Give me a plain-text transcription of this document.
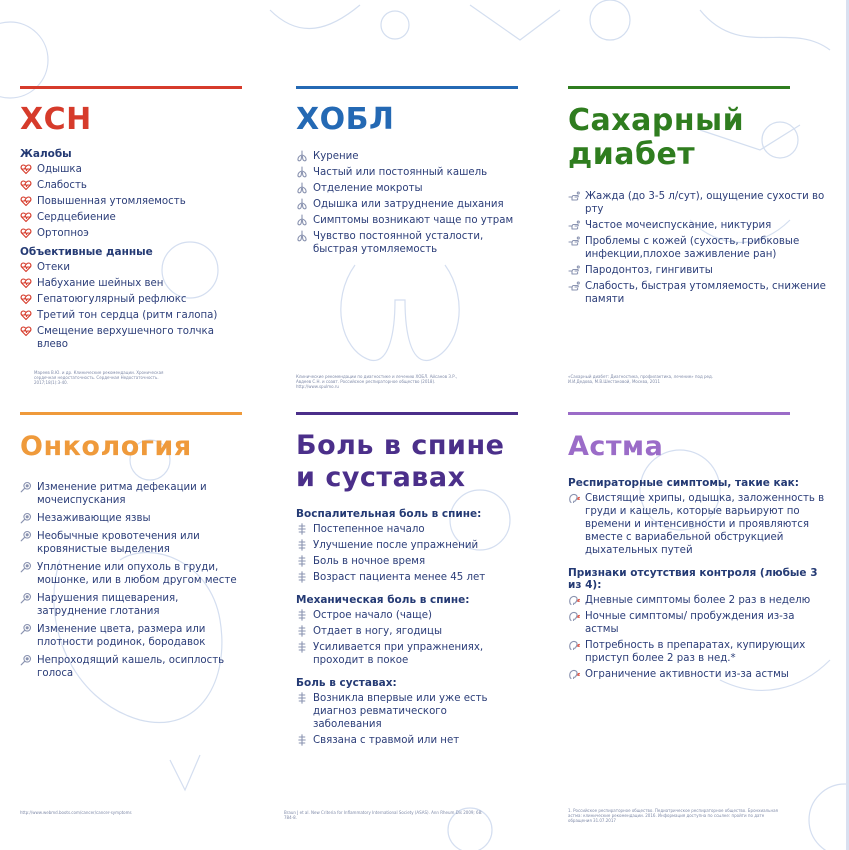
ХСН

Жалобы

Одышка
Слабость
Повышенная утомляемость
Сердцебиение
Ортопноэ

Объективные данные

Отеки
Набухание шейных вен
Гепатоюгулярный рефлюкс
Третий тон сердца (ритм галопа)
Смещение верхушечного толчка влево
ХОБЛ
Курение
Частый или постоянный кашель
Отделение мокроты
Одышка или затруднение дыхания
Симптомы возникают чаще по утрам
Чувство постоянной усталости, быстрая утомляемость
Сахарный
диабет
Жажда (до 3-5 л/сут), ощущение сухости во рту
Частое мочеиспускание, никтурия
Проблемы с кожей (сухость, грибковые инфекции,плохое заживление ран)
Пародонтоз, гингивиты
Слабость, быстрая утомляемость, снижение памяти
Онкология
Изменение ритма дефекации и мочеиспускания
Незаживающие язвы
Необычные кровотечения или кровянистые выделения
Уплотнение или опухоль в груди, мошонке, или в любом другом месте
Нарушения пищеварения, затруднение глотания
Изменение цвета, размера или плотности родинок, бородавок
Непроходящий кашель, осиплость голоса
Боль в спине
и суставах

Воспалительная боль в спине:

Постепенное начало
Улучшение после упражнений
Боль в ночное время
Возраст пациента менее 45 лет

Механическая боль в спине:

Острое начало (чаще)
Отдает в ногу, ягодицы
Усиливается при упражнениях, проходит в покое

Боль в суставах:

Возникла впервые или уже есть диагноз ревматического заболевания
Связана с травмой или нет
Астма

Респираторные симптомы, такие как:

Свистящие хрипы, одышка, заложенность в груди и кашель, которые варьируют по времени и интенсивности и проявляются вместе с вариабельной обструкцией дыхательных путей

Признаки отсутствия контроля (любые 3 из 4):

Дневные симптомы более 2 раз в неделю
Ночные симптомы/ пробуждения из-за астмы
Потребность в препаратах, купирующих приступ более 2 раз в нед.*
Ограничение активности из-за астмы
Мареев В.Ю. и др. Клинические рекомендации. Хроническая сердечная недостаточность. Сердечная Недостаточность. 2017;18(1):3-40.
Клинические рекомендации по диагностике и лечению ХОБЛ. Айсанов З.Р., Авдеев С.Н. и соавт. Российское респираторное общество (2018). http://www.spulmo.ru
«Сахарный диабет: Диагностика, профилактика, лечение» под ред. И.И.Дедова, М.В.Шестаковой, Москва, 2011
http://www.webmd.boots.com/cancer/cancer-symptoms	Braun J et al. New Criteria for Inflammatory International Society (ASAS). Ann Rheum Dis 2009; 68: 784-8.
1. Российское респираторное общество. Педиатрическое респираторное общество. Бронхиальная астма: клинические рекомендации. 2016. Информация доступна по ссылке: пройти по дате обращения 31.07.2017
